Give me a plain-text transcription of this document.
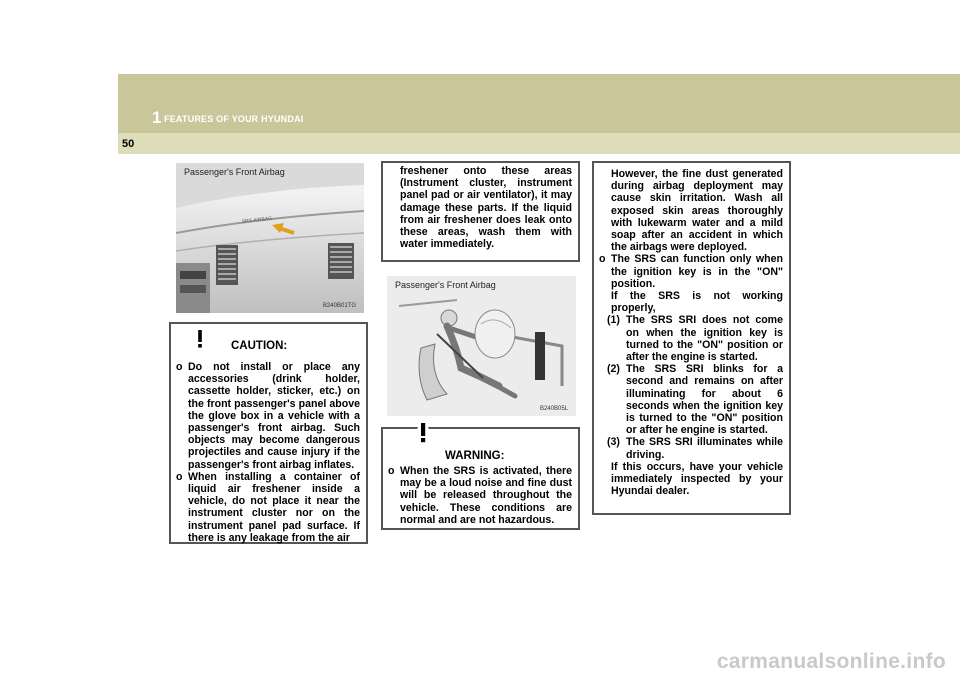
1 FEATURES OF YOUR HYUNDAI
50
Passenger's Front Airbag
B240B01TG
SRS AIRBAG
CAUTION:
o Do not install or place any accessories (drink holder, cassette holder, sticker, etc.) on the front passenger's panel above the glove box in a vehicle with a passenger's front airbag. Such objects may become dangerous projectiles and cause injury if the passenger's front airbag inflates.
o When installing a container of liquid air freshener inside a vehicle, do not place it near the instrument cluster nor on the instrument panel pad surface. If there is any leakage from the air
freshener onto these areas (Instrument cluster, instrument panel pad or air ventilator), it may damage these parts. If the liquid from air freshener does leak onto these areas, wash them with water immediately.
Passenger's Front Airbag
B240B05L
WARNING:
o When the SRS is activated, there may be a loud noise and fine dust will be released throughout the vehicle. These conditions are normal and are not hazardous.
However, the fine dust generated during airbag deployment may cause skin irritation. Wash all exposed skin areas thoroughly with lukewarm water and a mild soap after an accident in which the airbags were deployed.
o The SRS can function only when the ignition key is in the "ON" position.
If the SRS is not working properly,
(1) The SRS SRI does not come on when the ignition key is turned to the "ON" position or after the engine is started.
(2) The SRS SRI blinks for a second and remains on after illuminating for about 6 seconds when the ignition key is turned to the "ON" position or after he engine is started.
(3) The SRS SRI illuminates while driving.
If this occurs, have your vehicle immediately inspected by your Hyundai dealer.
carmanualsonline.info
